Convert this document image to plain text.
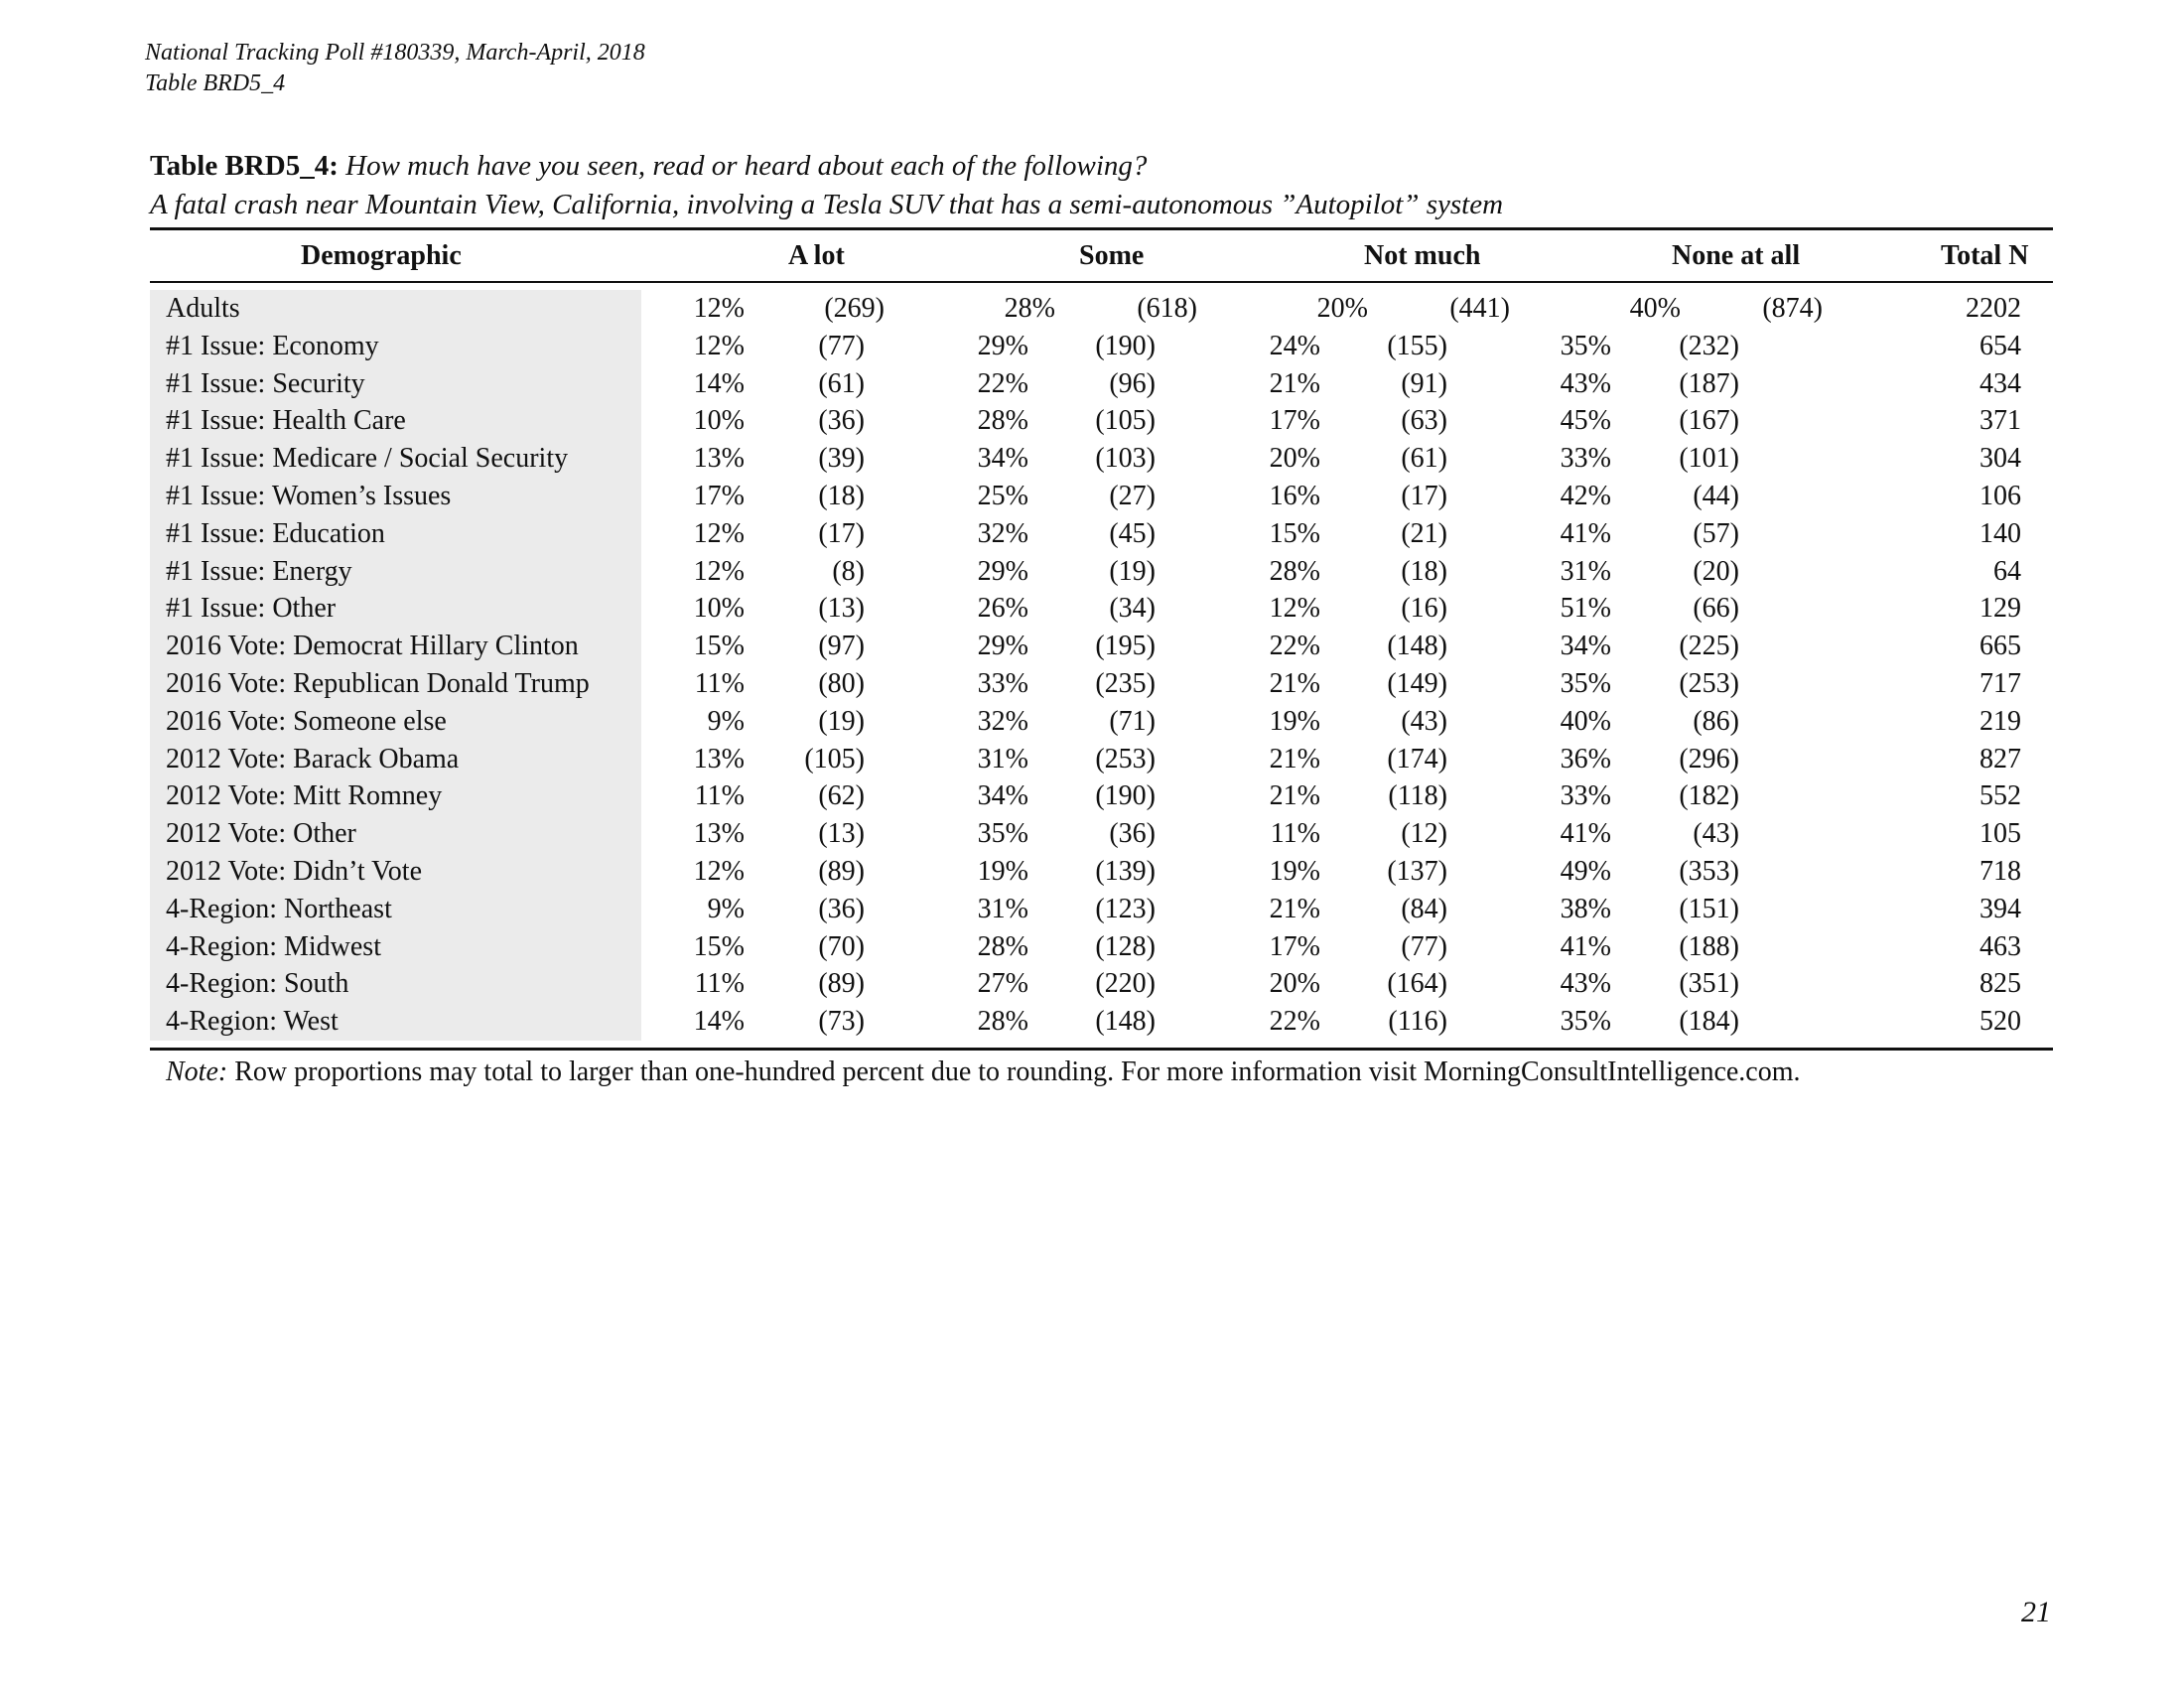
National Tracking Poll #180339, March-April, 2018
Table BRD5_4
Table BRD5_4: How much have you seen, read or heard about each of the following?
A fatal crash near Mountain View, California, involving a Tesla SUV that has a semi-autonomous ”Autopilot” system
Demographic	A lot	Some	Not much	None at all	Total N
Adults	12%	(269)	28%	(618)	20%	(441)	40%	(874)	2202
#1 Issue: Economy	12%	(77)	29% (190)	24% (155)	35% (232)	654
#1 Issue: Security	14%	(61)	22%	(96)	21%	(91)	43% (187)	434
#1 Issue: Health Care	10%	(36)	28% (105)	17%	(63)	45% (167)	371
#1 Issue: Medicare / Social Security	13%	(39)	34% (103)	20%	(61)	33% (101)	304
#1 Issue: Women’s Issues	17%	(18)	25%	(27)	16%	(17)	42%	(44)	106
#1 Issue: Education	12%	(17)	32%	(45)	15%	(21)	41%	(57)	140
#1 Issue: Energy	12%	(8)	29%	(19)	28%	(18)	31%	(20)	64
#1 Issue: Other	10%	(13)	26%	(34)	12%	(16)	51%	(66)	129
2016 Vote: Democrat Hillary Clinton	15%	(97)	29% (195)	22% (148)	34% (225)	665
2016 Vote: Republican Donald Trump	11%	(80)	33% (235)	21% (149)	35% (253)	717
2016 Vote: Someone else	9%	(19)	32%	(71)	19%	(43)	40%	(86)	219
2012 Vote: Barack Obama	13% (105)	31% (253)	21% (174)	36% (296)	827
2012 Vote: Mitt Romney	11%	(62)	34% (190)	21% (118)	33% (182)	552
2012 Vote: Other	13%	(13)	35%	(36)	11%	(12)	41%	(43)	105
2012 Vote: Didn’t Vote	12%	(89)	19% (139)	19% (137)	49% (353)	718
4-Region: Northeast	9%	(36)	31% (123)	21%	(84)	38% (151)	394
4-Region: Midwest	15%	(70)	28% (128)	17%	(77)	41% (188)	463
4-Region: South	11%	(89)	27% (220)	20% (164)	43% (351)	825
4-Region: West	14%	(73)	28% (148)	22% (116)	35% (184)	520
Note: Row proportions may total to larger than one-hundred percent due to rounding. For more information visit MorningConsultIntelligence.com.
21
